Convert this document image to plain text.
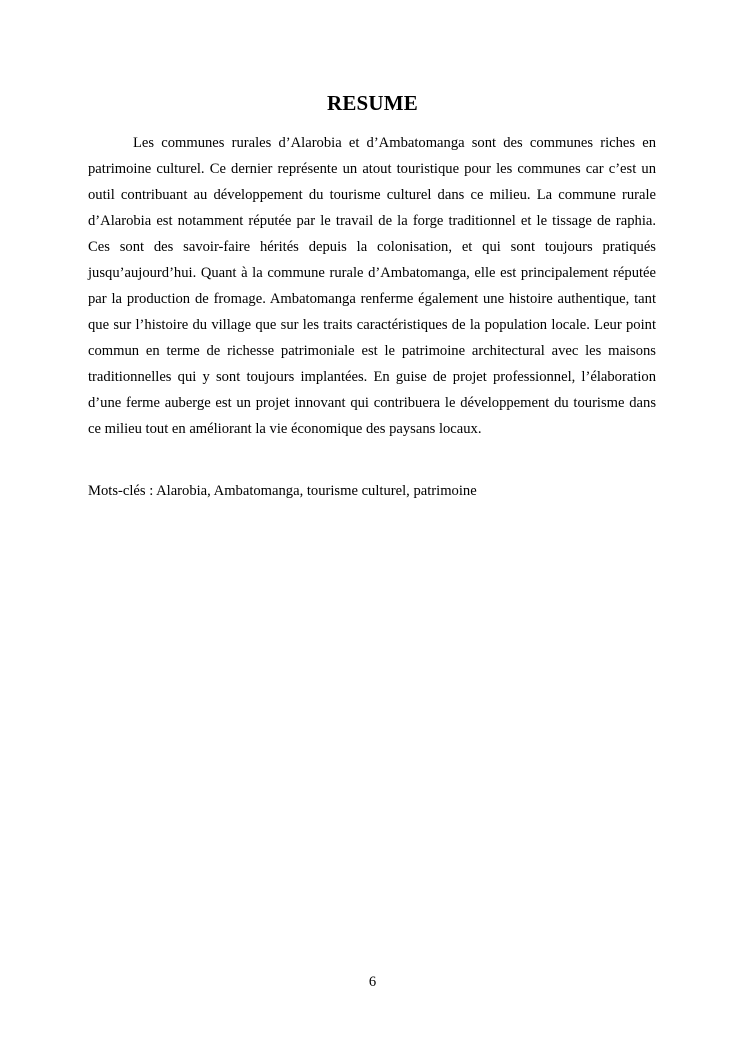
RESUME

Les communes rurales d’Alarobia et d’Ambatomanga sont des communes riches en patrimoine culturel. Ce dernier représente un atout touristique pour les communes car c’est un outil contribuant au développement du tourisme culturel dans ce milieu. La commune rurale d’Alarobia est notamment réputée par le travail de la forge traditionnel et le tissage de raphia. Ces sont des savoir-faire hérités depuis la colonisation, et qui sont toujours pratiqués jusqu’aujourd’hui. Quant à la commune rurale d’Ambatomanga, elle est principalement réputée par la production de fromage. Ambatomanga renferme également une histoire authentique, tant que sur l’histoire du village que sur les traits caractéristiques de la population locale. Leur point commun en terme de richesse patrimoniale est le patrimoine architectural avec les maisons traditionnelles qui y sont toujours implantées. En guise de projet professionnel, l’élaboration d’une ferme auberge est un projet innovant qui contribuera le développement du tourisme dans ce milieu tout en améliorant la vie économique des paysans locaux.

Mots-clés : Alarobia, Ambatomanga, tourisme culturel, patrimoine

6
